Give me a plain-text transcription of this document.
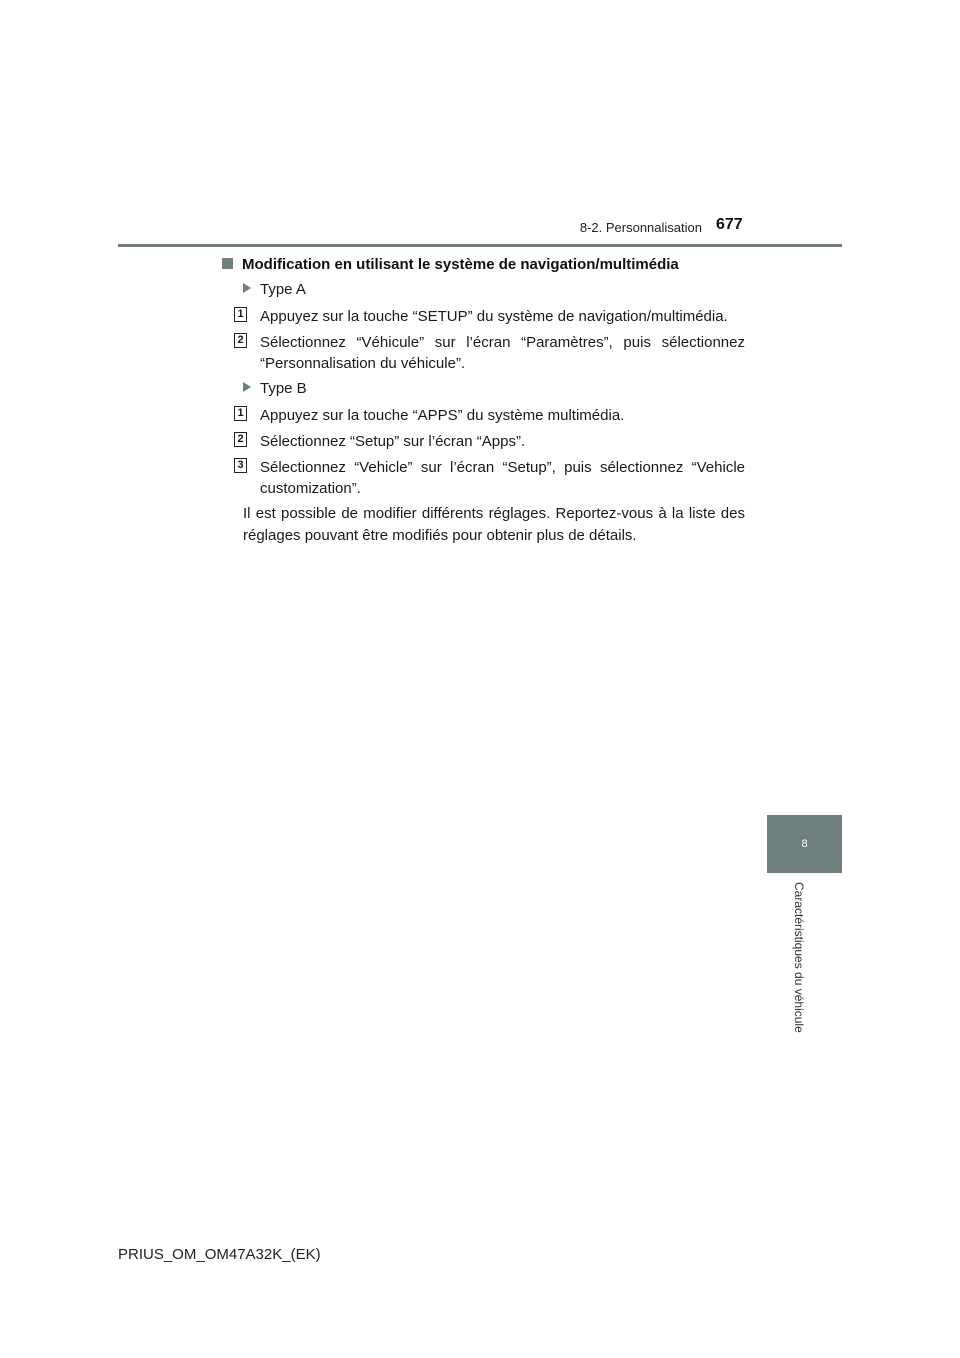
8-2. Personnalisation 677
8
Caractéristiques du véhicule
Modification en utilisant le système de navigation/multimédia
Type A
1 Appuyez sur la touche “SETUP” du système de navigation/multimédia.
2 Sélectionnez “Véhicule” sur l’écran “Paramètres”, puis sélectionnez “Personnalisation du véhicule”.
Type B
1 Appuyez sur la touche “APPS” du système multimédia.
2 Sélectionnez “Setup” sur l’écran “Apps”.
3 Sélectionnez “Vehicle” sur l’écran “Setup”, puis sélectionnez “Vehicle customization”.
Il est possible de modifier différents réglages. Reportez-vous à la liste des réglages pouvant être modifiés pour obtenir plus de détails.
PRIUS_OM_OM47A32K_(EK)
